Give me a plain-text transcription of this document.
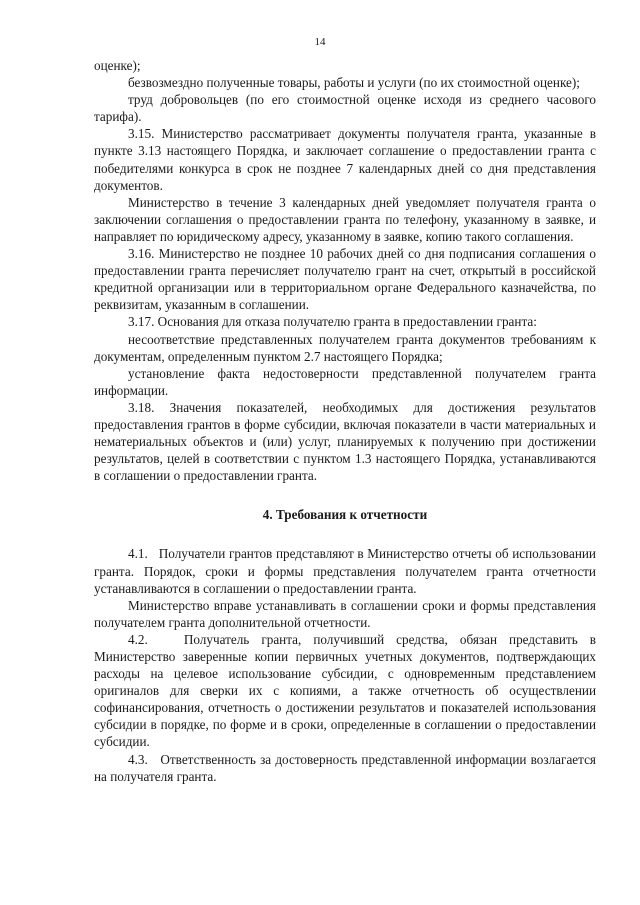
14

оценке);

безвозмездно полученные товары, работы и услуги (по их стоимостной оценке);

труд добровольцев (по его стоимостной оценке исходя из среднего часового тарифа).

3.15. Министерство рассматривает документы получателя гранта, указанные в пункте 3.13 настоящего Порядка, и заключает соглашение о предоставлении гранта с победителями конкурса в срок не позднее 7 календарных дней со дня представления документов.

Министерство в течение 3 календарных дней уведомляет получателя гранта о заключении соглашения о предоставлении гранта по телефону, указанному в заявке, и направляет по юридическому адресу, указанному в заявке, копию такого соглашения.

3.16. Министерство не позднее 10 рабочих дней со дня подписания соглашения о предоставлении гранта перечисляет получателю грант на счет, открытый в российской кредитной организации или в территориальном органе Федерального казначейства, по реквизитам, указанным в соглашении.

3.17. Основания для отказа получателю гранта в предоставлении гранта:

несоответствие представленных получателем гранта документов требованиям к документам, определенным пунктом 2.7 настоящего Порядка;

установление факта недостоверности представленной получателем гранта информации.

3.18. Значения показателей, необходимых для достижения результатов предоставления грантов в форме субсидии, включая показатели в части материальных и нематериальных объектов и (или) услуг, планируемых к получению при достижении результатов, целей в соответствии с пунктом 1.3 настоящего Порядка, устанавливаются в соглашении о предоставлении гранта.

4. Требования к отчетности

4.1.   Получатели грантов представляют в Министерство отчеты об использовании гранта. Порядок, сроки и формы представления получателем гранта отчетности устанавливаются в соглашении о предоставлении гранта.

Министерство вправе устанавливать в соглашении сроки и формы представления получателем гранта дополнительной отчетности.

4.2.   Получатель гранта, получивший средства, обязан представить в Министерство заверенные копии первичных учетных документов, подтверждающих расходы на целевое использование субсидии, с одновременным представлением оригиналов для сверки их с копиями, а также отчетность об осуществлении софинансирования, отчетность о достижении результатов и показателей использования субсидии в порядке, по форме и в сроки, определенные в соглашении о предоставлении субсидии.

4.3.   Ответственность за достоверность представленной информации возлагается на получателя гранта.
